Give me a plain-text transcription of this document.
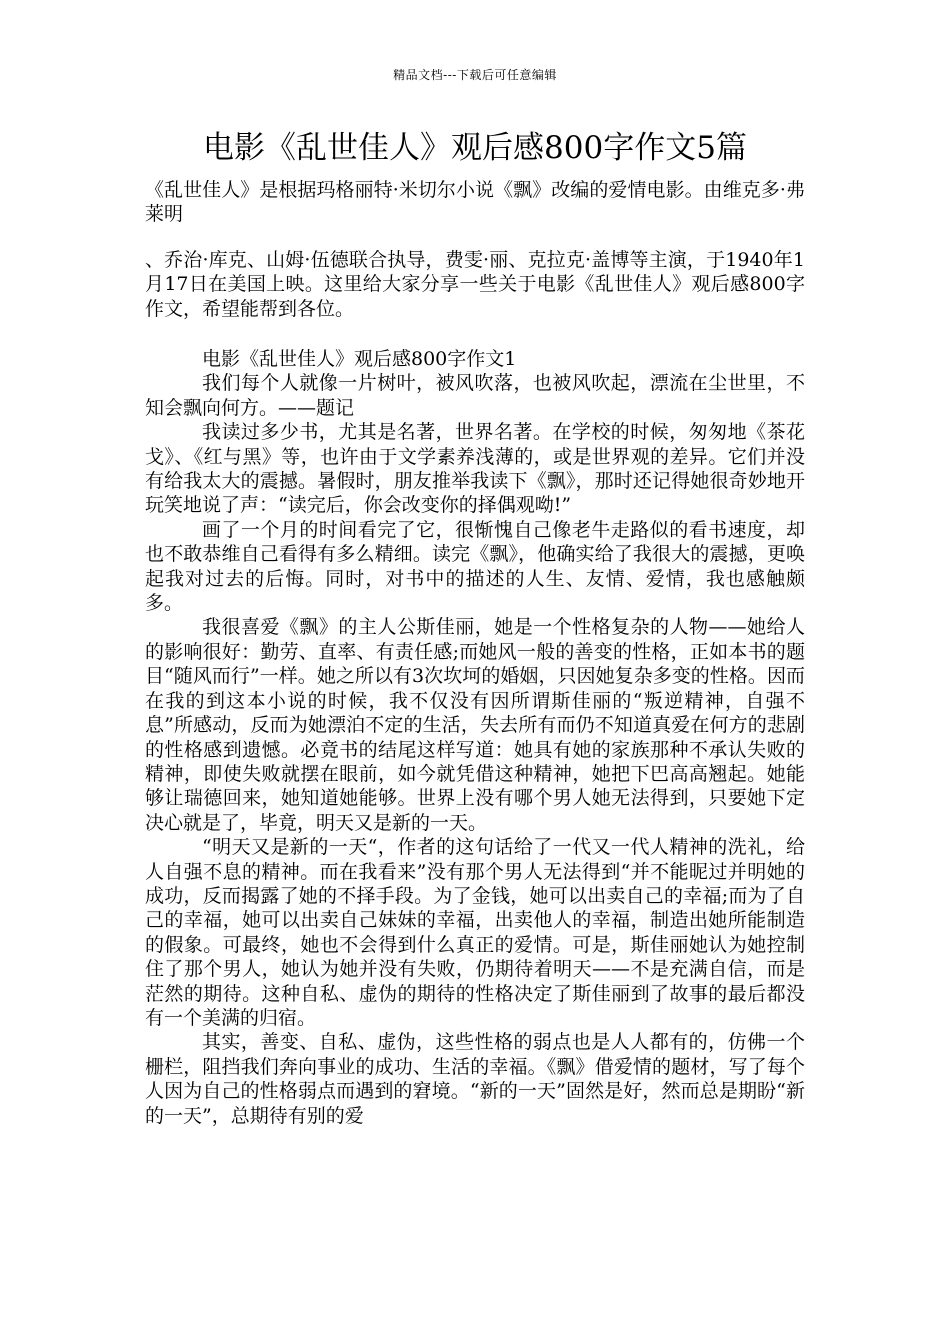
精品文档---下载后可任意编辑
电影《乱世佳人》观后感800字作文5篇

《乱世佳人》是根据玛格丽特·米切尔小说《飘》改编的爱情电影。由维克多·弗莱明

、乔治·库克、山姆·伍德联合执导，费雯·丽、克拉克·盖博等主演，于1940年1月17日在美国上映。这里给大家分享一些关于电影《乱世佳人》观后感800字作文，希望能帮到各位。

电影《乱世佳人》观后感800字作文1

我们每个人就像一片树叶，被风吹落，也被风吹起，漂流在尘世里，不知会飘向何方。——题记

我读过多少书，尤其是名著，世界名著。在学校的时候，匆匆地《茶花戈》、《红与黑》等，也许由于文学素养浅薄的，或是世界观的差异。它们并没有给我太大的震撼。暑假时，朋友推举我读下《飘》，那时还记得她很奇妙地开玩笑地说了声：“读完后，你会改变你的择偶观呦!”

画了一个月的时间看完了它，很惭愧自己像老牛走路似的看书速度，却也不敢恭维自己看得有多么精细。读完《飘》，他确实给了我很大的震撼，更唤起我对过去的后悔。同时，对书中的描述的人生、友情、爱情，我也感触颇多。

我很喜爱《飘》的主人公斯佳丽，她是一个性格复杂的人物——她给人的影响很好：勤劳、直率、有责任感;而她风一般的善变的性格，正如本书的题目“随风而行”一样。她之所以有3次坎坷的婚姻，只因她复杂多变的性格。因而在我的到这本小说的时候，我不仅没有因所谓斯佳丽的“叛逆精神，自强不息”所感动，反而为她漂泊不定的生活，失去所有而仍不知道真爱在何方的悲剧的性格感到遗憾。必竟书的结尾这样写道：她具有她的家族那种不承认失败的精神，即使失败就摆在眼前，如今就凭借这种精神，她把下巴高高翘起。她能够让瑞德回来，她知道她能够。世界上没有哪个男人她无法得到，只要她下定决心就是了，毕竟，明天又是新的一天。

“明天又是新的一天“，作者的这句话给了一代又一代人精神的洗礼，给人自强不息的精神。而在我看来”没有那个男人无法得到“并不能昵过并明她的成功，反而揭露了她的不择手段。为了金钱，她可以出卖自己的幸福;而为了自己的幸福，她可以出卖自己妹妹的幸福，出卖他人的幸福，制造出她所能制造的假象。可最终，她也不会得到什么真正的爱情。可是，斯佳丽她认为她控制住了那个男人，她认为她并没有失败，仍期待着明天——不是充满自信，而是茫然的期待。这种自私、虚伪的期待的性格决定了斯佳丽到了故事的最后都没有一个美满的归宿。

其实，善变、自私、虚伪，这些性格的弱点也是人人都有的，仿佛一个栅栏，阻挡我们奔向事业的成功、生活的幸福。《飘》借爱情的题材，写了每个人因为自己的性格弱点而遇到的窘境。“新的一天”固然是好，然而总是期盼“新的一天”，总期待有别的爱
